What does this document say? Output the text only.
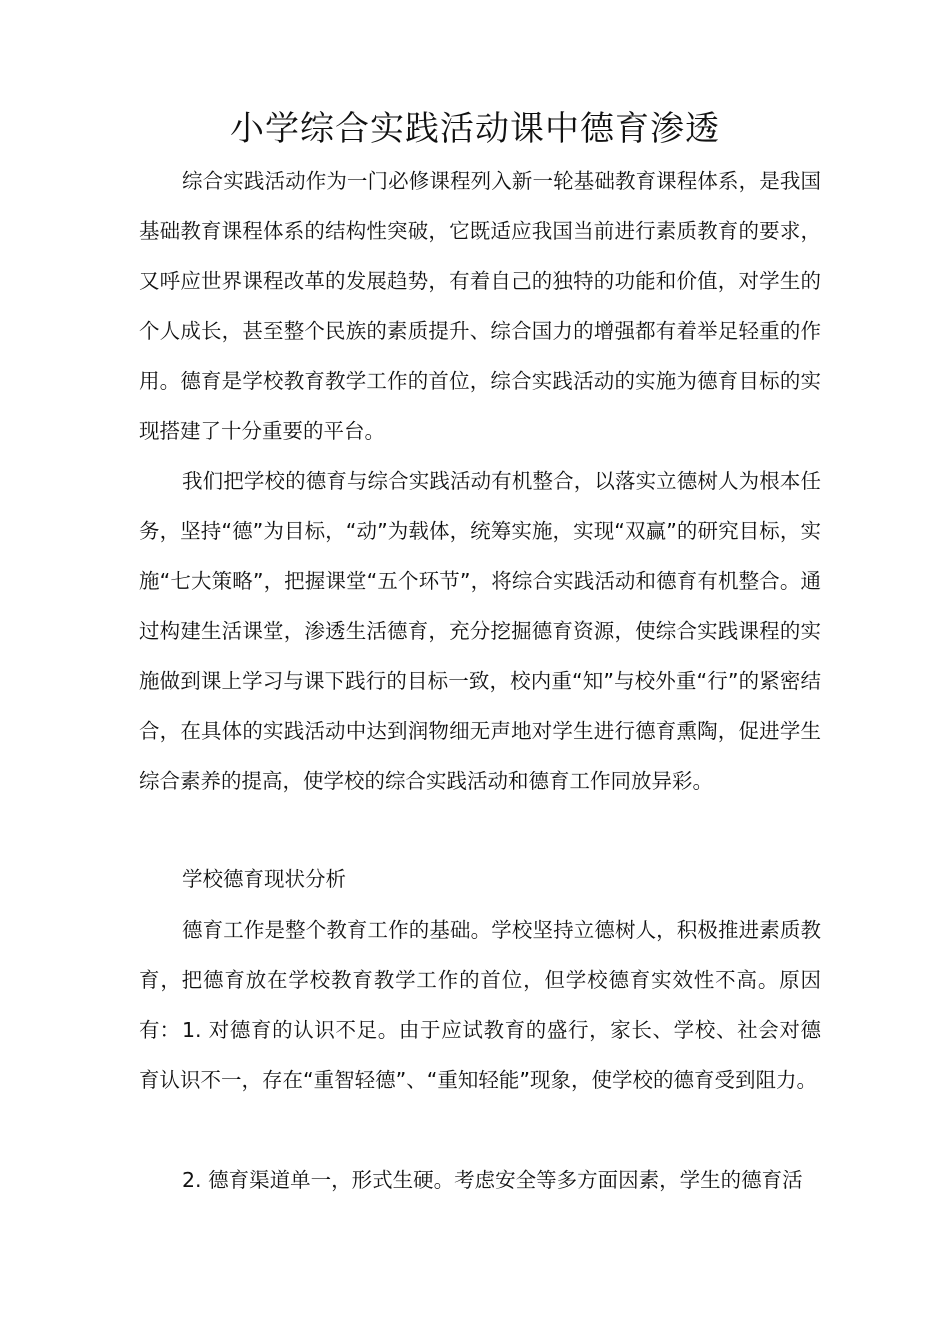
小学综合实践活动课中德育渗透

综合实践活动作为一门必修课程列入新一轮基础教育课程体系，是我国基础教育课程体系的结构性突破，它既适应我国当前进行素质教育的要求，又呼应世界课程改革的发展趋势，有着自己的独特的功能和价值，对学生的个人成长，甚至整个民族的素质提升、综合国力的增强都有着举足轻重的作用。德育是学校教育教学工作的首位，综合实践活动的实施为德育目标的实现搭建了十分重要的平台。

我们把学校的德育与综合实践活动有机整合，以落实立德树人为根本任务，坚持“德”为目标，“动”为载体，统筹实施，实现“双赢”的研究目标，实施“七大策略”，把握课堂“五个环节”，将综合实践活动和德育有机整合。通过构建生活课堂，渗透生活德育，充分挖掘德育资源，使综合实践课程的实施做到课上学习与课下践行的目标一致，校内重“知”与校外重“行”的紧密结合，在具体的实践活动中达到润物细无声地对学生进行德育熏陶，促进学生综合素养的提高，使学校的综合实践活动和德育工作同放异彩。

学校德育现状分析

德育工作是整个教育工作的基础。学校坚持立德树人，积极推进素质教育，把德育放在学校教育教学工作的首位，但学校德育实效性不高。原因有： 1. 对德育的认识不足。由于应试教育的盛行，家长、学校、社会对德育认识不一，存在“重智轻德”、“重知轻能”现象，使学校的德育受到阻力。

2. 德育渠道单一，形式生硬。考虑安全等多方面因素，学生的德育活
